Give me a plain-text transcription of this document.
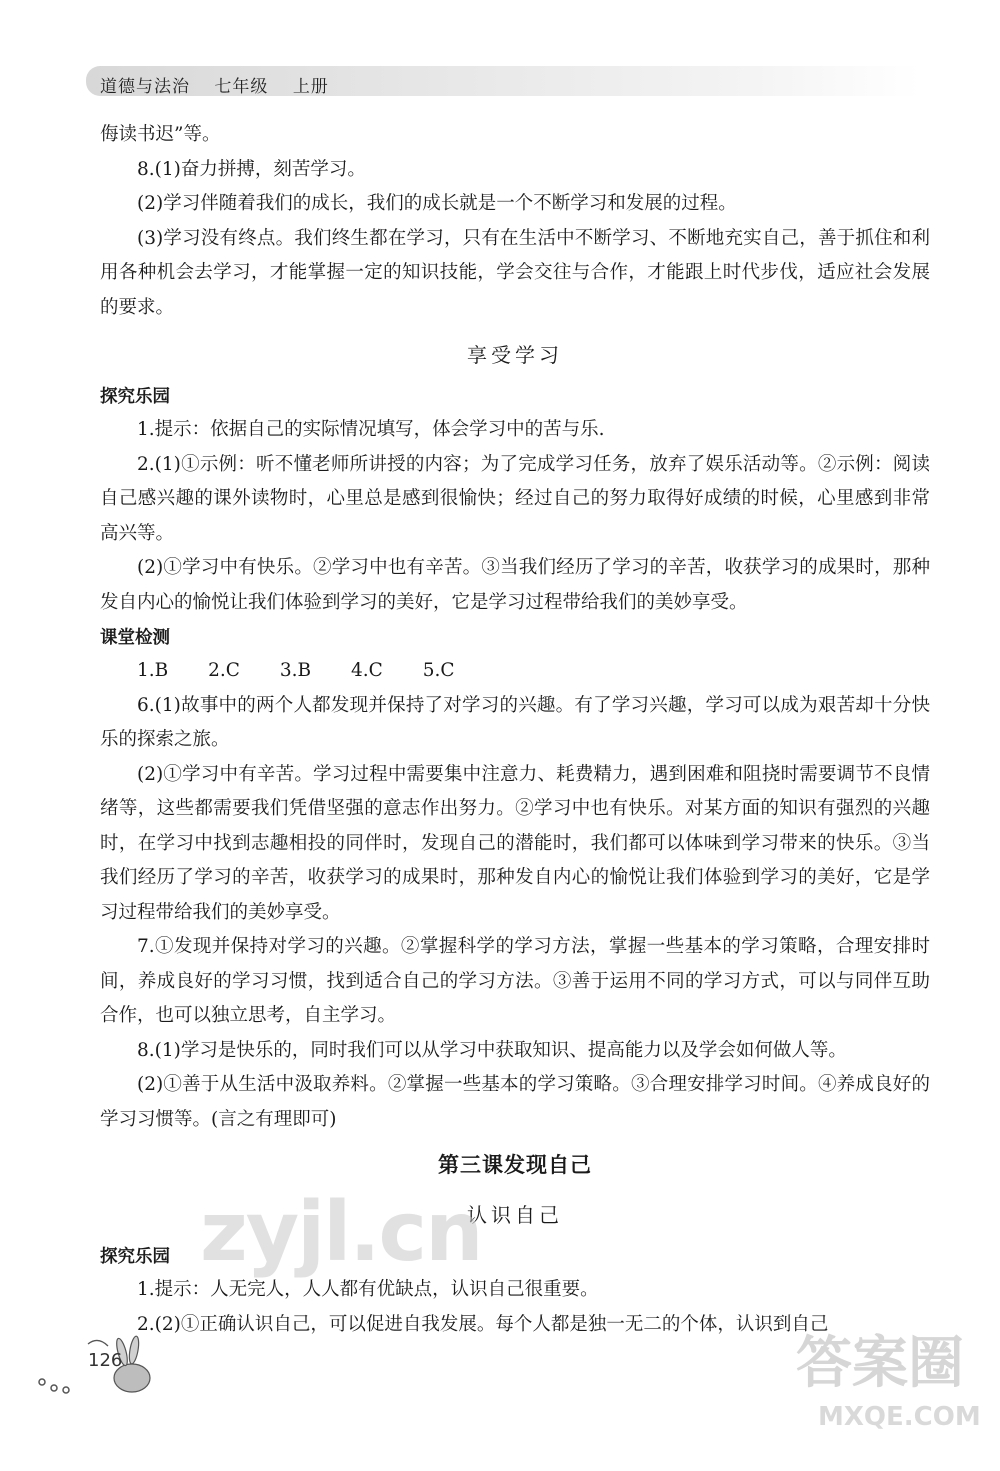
道德与法治 七年级 上册

侮读书迟”等。

8.(1)奋力拼搏，刻苦学习。

(2)学习伴随着我们的成长，我们的成长就是一个不断学习和发展的过程。

(3)学习没有终点。我们终生都在学习，只有在生活中不断学习、不断地充实自己，善于抓住和利用各种机会去学习，才能掌握一定的知识技能，学会交往与合作，才能跟上时代步伐，适应社会发展的要求。

享受学习
探究乐园

1.提示：依据自己的实际情况填写，体会学习中的苦与乐.

2.(1)①示例：听不懂老师所讲授的内容；为了完成学习任务，放弃了娱乐活动等。②示例：阅读自己感兴趣的课外读物时，心里总是感到很愉快；经过自己的努力取得好成绩的时候，心里感到非常高兴等。

(2)①学习中有快乐。②学习中也有辛苦。③当我们经历了学习的辛苦，收获学习的成果时，那种发自内心的愉悦让我们体验到学习的美好，它是学习过程带给我们的美妙享受。

课堂检测

1.B 2.C 3.B 4.C 5.C

6.(1)故事中的两个人都发现并保持了对学习的兴趣。有了学习兴趣，学习可以成为艰苦却十分快乐的探索之旅。

(2)①学习中有辛苦。学习过程中需要集中注意力、耗费精力，遇到困难和阻挠时需要调节不良情绪等，这些都需要我们凭借坚强的意志作出努力。②学习中也有快乐。对某方面的知识有强烈的兴趣时，在学习中找到志趣相投的同伴时，发现自己的潜能时，我们都可以体味到学习带来的快乐。③当我们经历了学习的辛苦，收获学习的成果时，那种发自内心的愉悦让我们体验到学习的美好，它是学习过程带给我们的美妙享受。

7.①发现并保持对学习的兴趣。②掌握科学的学习方法，掌握一些基本的学习策略，合理安排时间，养成良好的学习习惯，找到适合自己的学习方法。③善于运用不同的学习方式，可以与同伴互助合作，也可以独立思考，自主学习。

8.(1)学习是快乐的，同时我们可以从学习中获取知识、提高能力以及学会如何做人等。

(2)①善于从生活中汲取养料。②掌握一些基本的学习策略。③合理安排学习时间。④养成良好的学习习惯等。(言之有理即可)

第三课发现自己
认识自己
探究乐园

1.提示：人无完人，人人都有优缺点，认识自己很重要。

2.(2)①正确认识自己，可以促进自我发展。每个人都是独一无二的个体，认识到自己

zyjl.cn
126	答案圈
MXQE.COM
